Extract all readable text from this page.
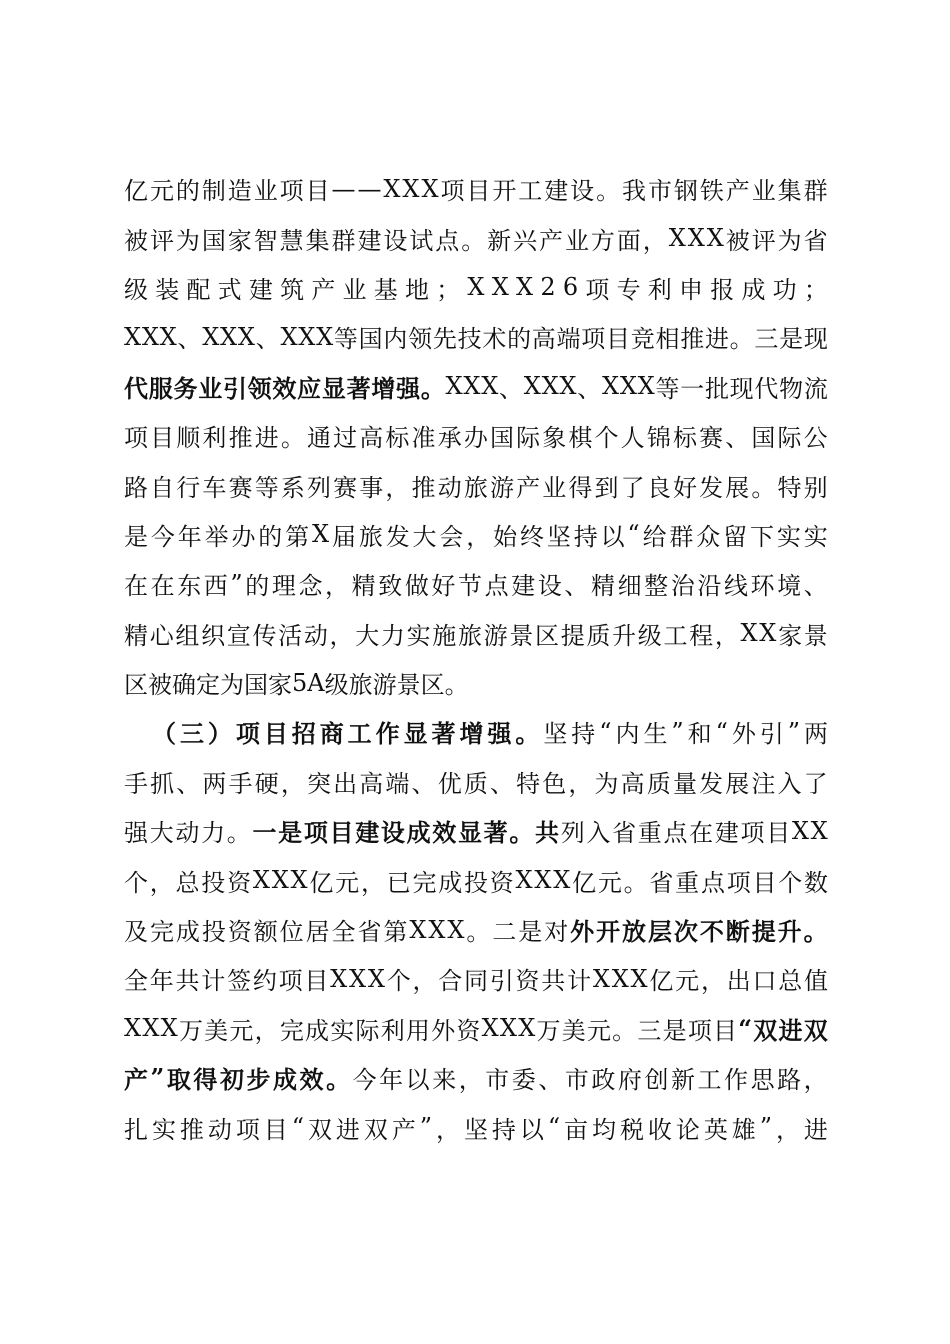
亿 元 的 制 造 业 项 目 — — X X X 项 目 开 工 建 设 。 我 市 钢 铁 产 业 集 群
被 评 为 国 家 智 慧 集 群 建 设 试 点 。 新 兴 产 业 方 面 ， X X X 被 评 为 省
级 装 配 式 建 筑 产 业 基 地 ； X X X 2 6 项 专 利 申 报 成 功 ；
X X X 、 X X X 、 X X X 等 国 内 领 先 技 术 的 高 端 项 目 竞 相 推 进 。 三 是 现
代 服 务 业 引 领 效 应 显 著 增 强 。 X X X 、 X X X 、 X X X 等 一 批 现 代 物 流
项 目 顺 利 推 进 。 通 过 高 标 准 承 办 国 际 象 棋 个 人 锦 标 赛 、 国 际 公
路 自 行 车 赛 等 系 列 赛 事 ， 推 动 旅 游 产 业 得 到 了 良 好 发 展 。 特 别
是 今 年 举 办 的 第 X 届 旅 发 大 会 ， 始 终 坚 持 以 “ 给 群 众 留 下 实 实
在 在 东 西 ” 的 理 念 ， 精 致 做 好 节 点 建 设 、 精 细 整 治 沿 线 环 境 、
精 心 组 织 宣 传 活 动 ， 大 力 实 施 旅 游 景 区 提 质 升 级 工 程 ， X X 家 景
区 被 确 定 为 国 家 5 A 级 旅 游 景 区 。
（ 三 ） 项 目 招 商 工 作 显 著 增 强 。 坚 持 “ 内 生 ” 和 “ 外 引 ” 两
手 抓 、 两 手 硬 ， 突 出 高 端 、 优 质 、 特 色 ， 为 高 质 量 发 展 注 入 了
强 大 动 力 。 一 是 项 目 建 设 成 效 显 著 。 共 列 入 省 重 点 在 建 项 目 X X
个 ， 总 投 资 X X X 亿 元 ， 已 完 成 投 资 X X X 亿 元 。 省 重 点 项 目 个 数
及 完 成 投 资 额 位 居 全 省 第 X X X 。 二 是 对 外 开 放 层 次 不 断 提 升 。
全 年 共 计 签 约 项 目 X X X 个 ， 合 同 引 资 共 计 X X X 亿 元 ， 出 口 总 值
X X X 万 美 元 ， 完 成 实 际 利 用 外 资 X X X 万 美 元 。 三 是 项 目 “ 双 进 双
产 ” 取 得 初 步 成 效 。 今 年 以 来 ， 市 委 、 市 政 府 创 新 工 作 思 路 ，
扎 实 推 动 项 目 “ 双 进 双 产 ” ， 坚 持 以 “ 亩 均 税 收 论 英 雄 ” ， 进
